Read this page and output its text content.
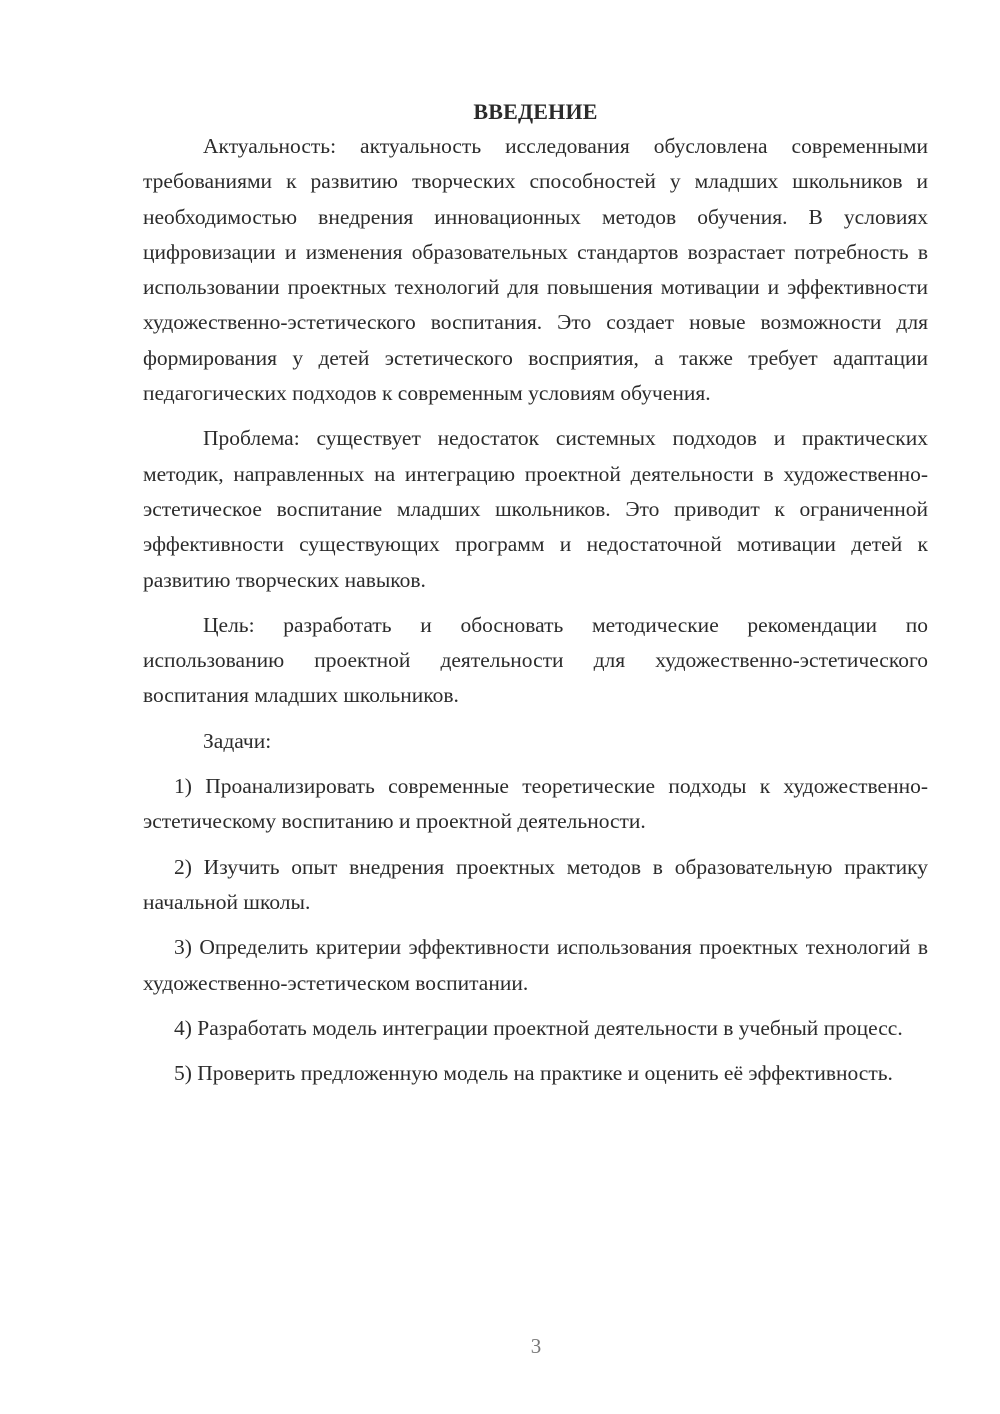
ВВЕДЕНИЕ

Актуальность: актуальность исследования обусловлена современными требованиями к развитию творческих способностей у младших школьников и необходимостью внедрения инновационных методов обучения. В условиях цифровизации и изменения образовательных стандартов возрастает потребность в использовании проектных технологий для повышения мотивации и эффективности художественно-эстетического воспитания. Это создает новые возможности для формирования у детей эстетического восприятия, а также требует адаптации педагогических подходов к современным условиям обучения.

Проблема: существует недостаток системных подходов и практических методик, направленных на интеграцию проектной деятельности в художественно-эстетическое воспитание младших школьников. Это приводит к ограниченной эффективности существующих программ и недостаточной мотивации детей к развитию творческих навыков.

Цель: разработать и обосновать методические рекомендации по использованию проектной деятельности для художественно-эстетического воспитания младших школьников.

Задачи:

1) Проанализировать современные теоретические подходы к художественно-эстетическому воспитанию и проектной деятельности.

2) Изучить опыт внедрения проектных методов в образовательную практику начальной школы.

3) Определить критерии эффективности использования проектных технологий в художественно-эстетическом воспитании.

4) Разработать модель интеграции проектной деятельности в учебный процесс.

5) Проверить предложенную модель на практике и оценить её эффективность.

3
